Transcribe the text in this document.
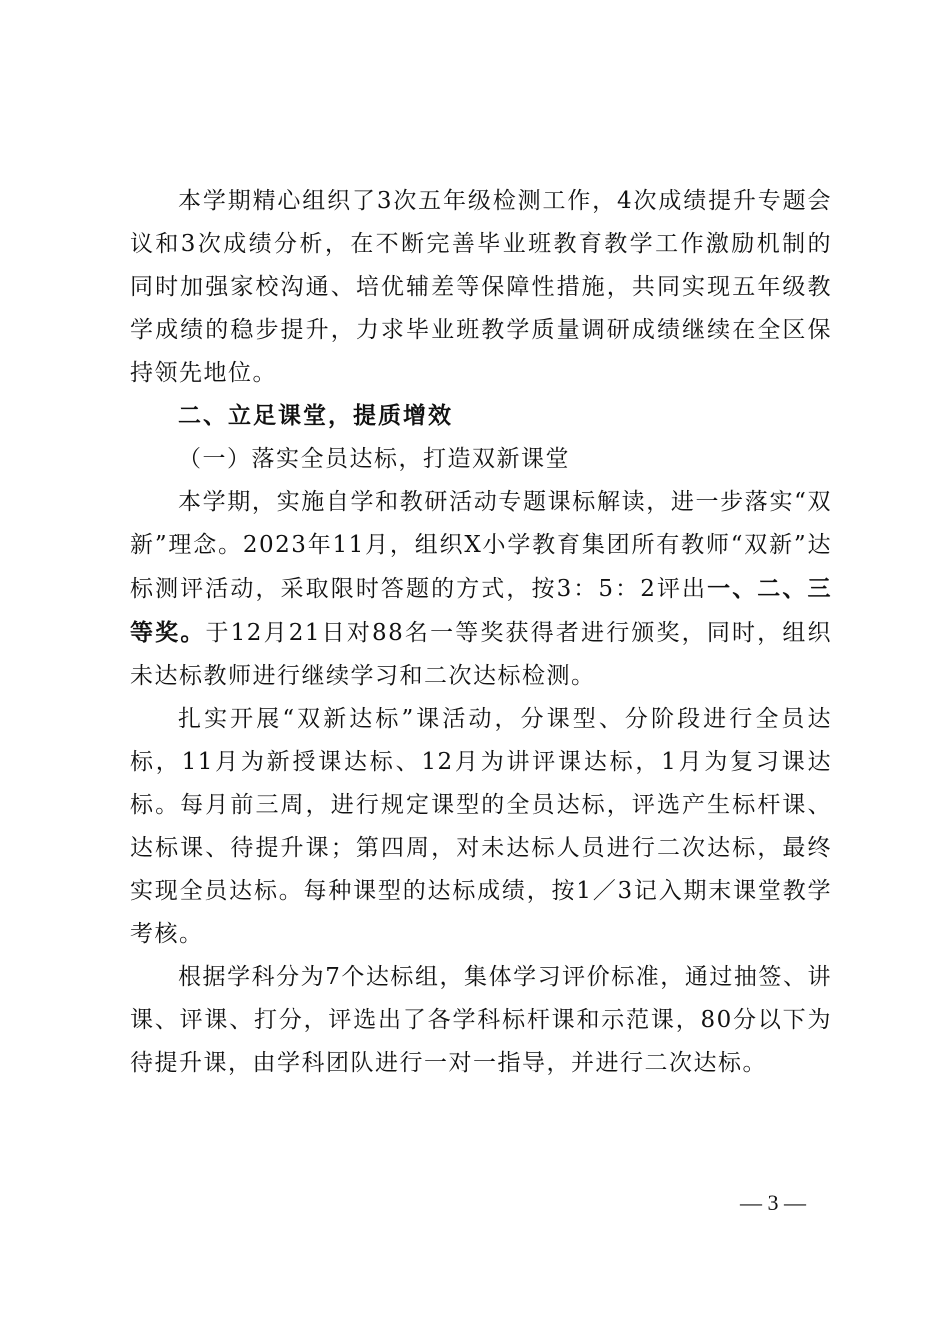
本学期精心组织了3次五年级检测工作，4次成绩提升专题会议和3次成绩分析，在不断完善毕业班教育教学工作激励机制的同时加强家校沟通、培优辅差等保障性措施，共同实现五年级教学成绩的稳步提升，力求毕业班教学质量调研成绩继续在全区保持领先地位。

二、立足课堂，提质增效

（一）落实全员达标，打造双新课堂

本学期，实施自学和教研活动专题课标解读，进一步落实“双新”理念。2023年11月，组织X小学教育集团所有教师“双新”达标测评活动，采取限时答题的方式，按3：5：2评出一、二、三等奖。于12月21日对88名一等奖获得者进行颁奖，同时，组织未达标教师进行继续学习和二次达标检测。

扎实开展“双新达标”课活动，分课型、分阶段进行全员达标，11月为新授课达标、12月为讲评课达标，1月为复习课达标。每月前三周，进行规定课型的全员达标，评选产生标杆课、达标课、待提升课；第四周，对未达标人员进行二次达标，最终实现全员达标。每种课型的达标成绩，按1／3记入期末课堂教学考核。

根据学科分为7个达标组，集体学习评价标准，通过抽签、讲课、评课、打分，评选出了各学科标杆课和示范课，80分以下为待提升课，由学科团队进行一对一指导，并进行二次达标。

— 3 —
